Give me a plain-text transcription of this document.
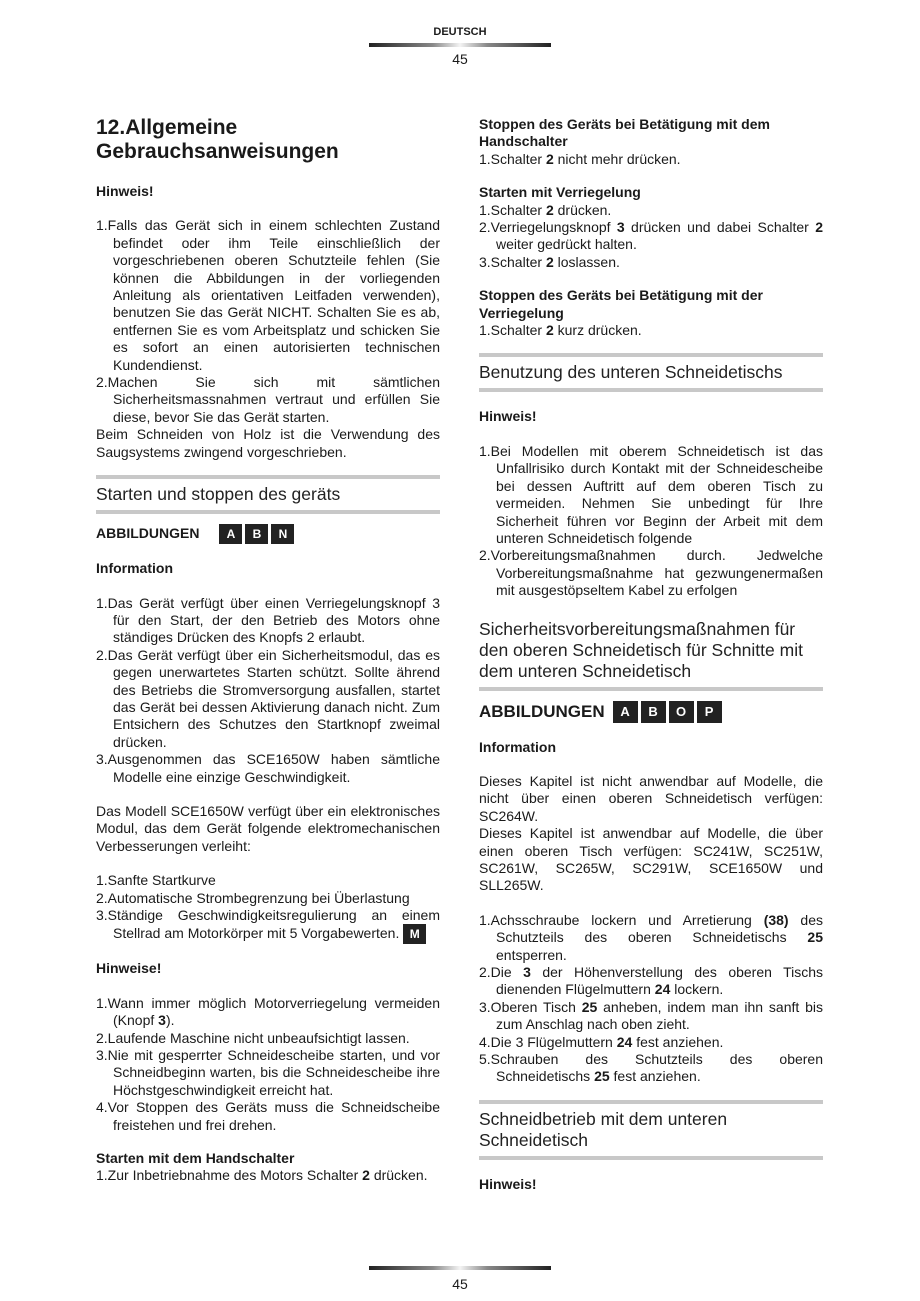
DEUTSCH
45
12.Allgemeine Gebrauchsanweisungen
Hinweis!
1.Falls das Gerät sich in einem schlechten Zustand befindet oder ihm Teile einschließlich der vorgeschriebenen oberen Schutzteile fehlen (Sie können die Abbildungen in der vorliegenden Anleitung als orientativen Leitfaden verwenden), benutzen Sie das Gerät NICHT. Schalten Sie es ab, entfernen Sie es vom Arbeitsplatz und schicken Sie es sofort an einen autorisierten technischen Kundendienst.
2.Machen Sie sich mit sämtlichen Sicherheitsmassnahmen vertraut und erfüllen Sie diese, bevor Sie das Gerät starten.
Beim Schneiden von Holz ist die Verwendung des Saugsystems zwingend vorgeschrieben.
Starten und stoppen des geräts
ABBILDUNGEN	A	B	N
Information
1.Das Gerät verfügt über einen Verriegelungsknopf 3 für den Start, der den Betrieb des Motors ohne ständiges Drücken des Knopfs 2 erlaubt.
2.Das Gerät verfügt über ein Sicherheitsmodul, das es gegen unerwartetes Starten schützt. Sollte ährend des Betriebs die Stromversorgung ausfallen, startet das Gerät bei dessen Aktivierung danach nicht. Zum Entsichern des Schutzes den Startknopf zweimal drücken.
3.Ausgenommen das SCE1650W haben sämtliche Modelle eine einzige Geschwindigkeit.
Das Modell SCE1650W verfügt über ein elektronisches Modul, das dem Gerät folgende elektromechanischen Verbesserungen verleiht:
1.Sanfte Startkurve
2.Automatische Strombegrenzung bei Überlastung
3.Ständige Geschwindigkeitsregulierung an einem Stellrad am Motorkörper mit 5 Vorgabewerten. M
Hinweise!
1.Wann immer möglich Motorverriegelung vermeiden (Knopf 3).
2.Laufende Maschine nicht unbeaufsichtigt lassen.
3.Nie mit gesperrter Schneidescheibe starten, und vor Schneidbeginn warten, bis die Schneidescheibe ihre Höchstgeschwindigkeit erreicht hat.
4.Vor Stoppen des Geräts muss die Schneidscheibe freistehen und frei drehen.
Starten mit dem Handschalter
1.Zur Inbetriebnahme des Motors Schalter 2 drücken.
Stoppen des Geräts bei Betätigung mit dem Handschalter
1.Schalter 2 nicht mehr drücken.
Starten mit Verriegelung
1.Schalter 2 drücken.
2.Verriegelungsknopf 3 drücken und dabei Schalter 2 weiter gedrückt halten.
3.Schalter 2 loslassen.
Stoppen des Geräts bei Betätigung mit der Verriegelung
1.Schalter 2 kurz drücken.
Benutzung des unteren Schneidetischs
Hinweis!
1.Bei Modellen mit oberem Schneidetisch ist das Unfallrisiko durch Kontakt mit der Schneidescheibe bei dessen Auftritt auf dem oberen Tisch zu vermeiden. Nehmen Sie unbedingt für Ihre Sicherheit führen vor Beginn der Arbeit mit dem unteren Schneidetisch folgende
2.Vorbereitungsmaßnahmen durch. Jedwelche Vorbereitungsmaßnahme hat gezwungenermaßen mit ausgestöpseltem Kabel zu erfolgen
Sicherheitsvorbereitungsmaßnahmen für den oberen Schneidetisch für Schnitte mit dem unteren Schneidetisch
ABBILDUNGEN	A	B	O	P
Information
Dieses Kapitel ist nicht anwendbar auf Modelle, die nicht über einen oberen Schneidetisch verfügen: SC264W.
Dieses Kapitel ist anwendbar auf Modelle, die über einen oberen Tisch verfügen: SC241W, SC251W, SC261W, SC265W, SC291W, SCE1650W und SLL265W.
1.Achsschraube lockern und Arretierung (38) des Schutzteils des oberen Schneidetischs 25 entsperren.
2.Die 3 der Höhenverstellung des oberen Tischs dienenden Flügelmuttern 24 lockern.
3.Oberen Tisch 25 anheben, indem man ihn sanft bis zum Anschlag nach oben zieht.
4.Die 3 Flügelmuttern 24 fest anziehen.
5.Schrauben des Schutzteils des oberen Schneidetischs 25 fest anziehen.
Schneidbetrieb mit dem unteren Schneidetisch
Hinweis!
45
